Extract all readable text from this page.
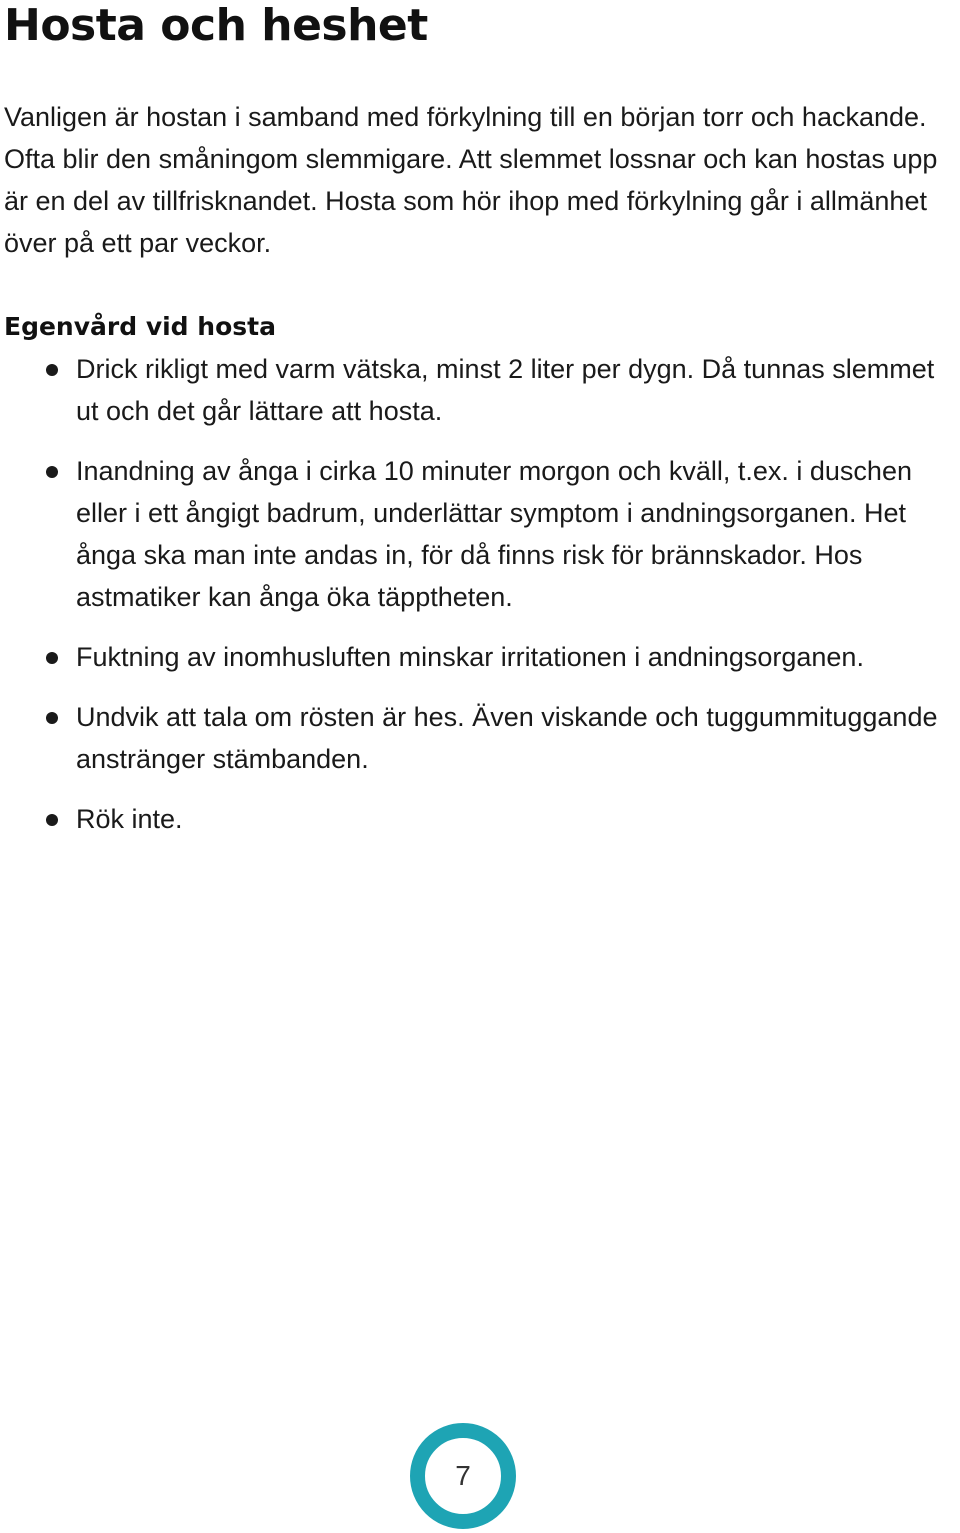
Hosta och heshet

Vanligen är hostan i samband med förkylning till en början torr och hackande. Ofta blir den småningom slemmigare. Att slemmet lossnar och kan hostas upp är en del av tillfrisknandet. Hosta som hör ihop med förkylning går i allmänhet över på ett par veckor.

Egenvård vid hosta
Drick rikligt med varm vätska, minst 2 liter per dygn. Då tunnas slemmet ut och det går lättare att hosta.
Inandning av ånga i cirka 10 minuter morgon och kväll, t.ex. i duschen eller i ett ångigt badrum, underlättar symptom i andningsorganen. Het ånga ska man inte andas in, för då finns risk för brännskador. Hos astmatiker kan ånga öka täpptheten.
Fuktning av inomhusluften minskar irritationen i andningsorganen.
Undvik att tala om rösten är hes. Även viskande och tuggummituggande anstränger stämbanden.
Rök inte.
7
